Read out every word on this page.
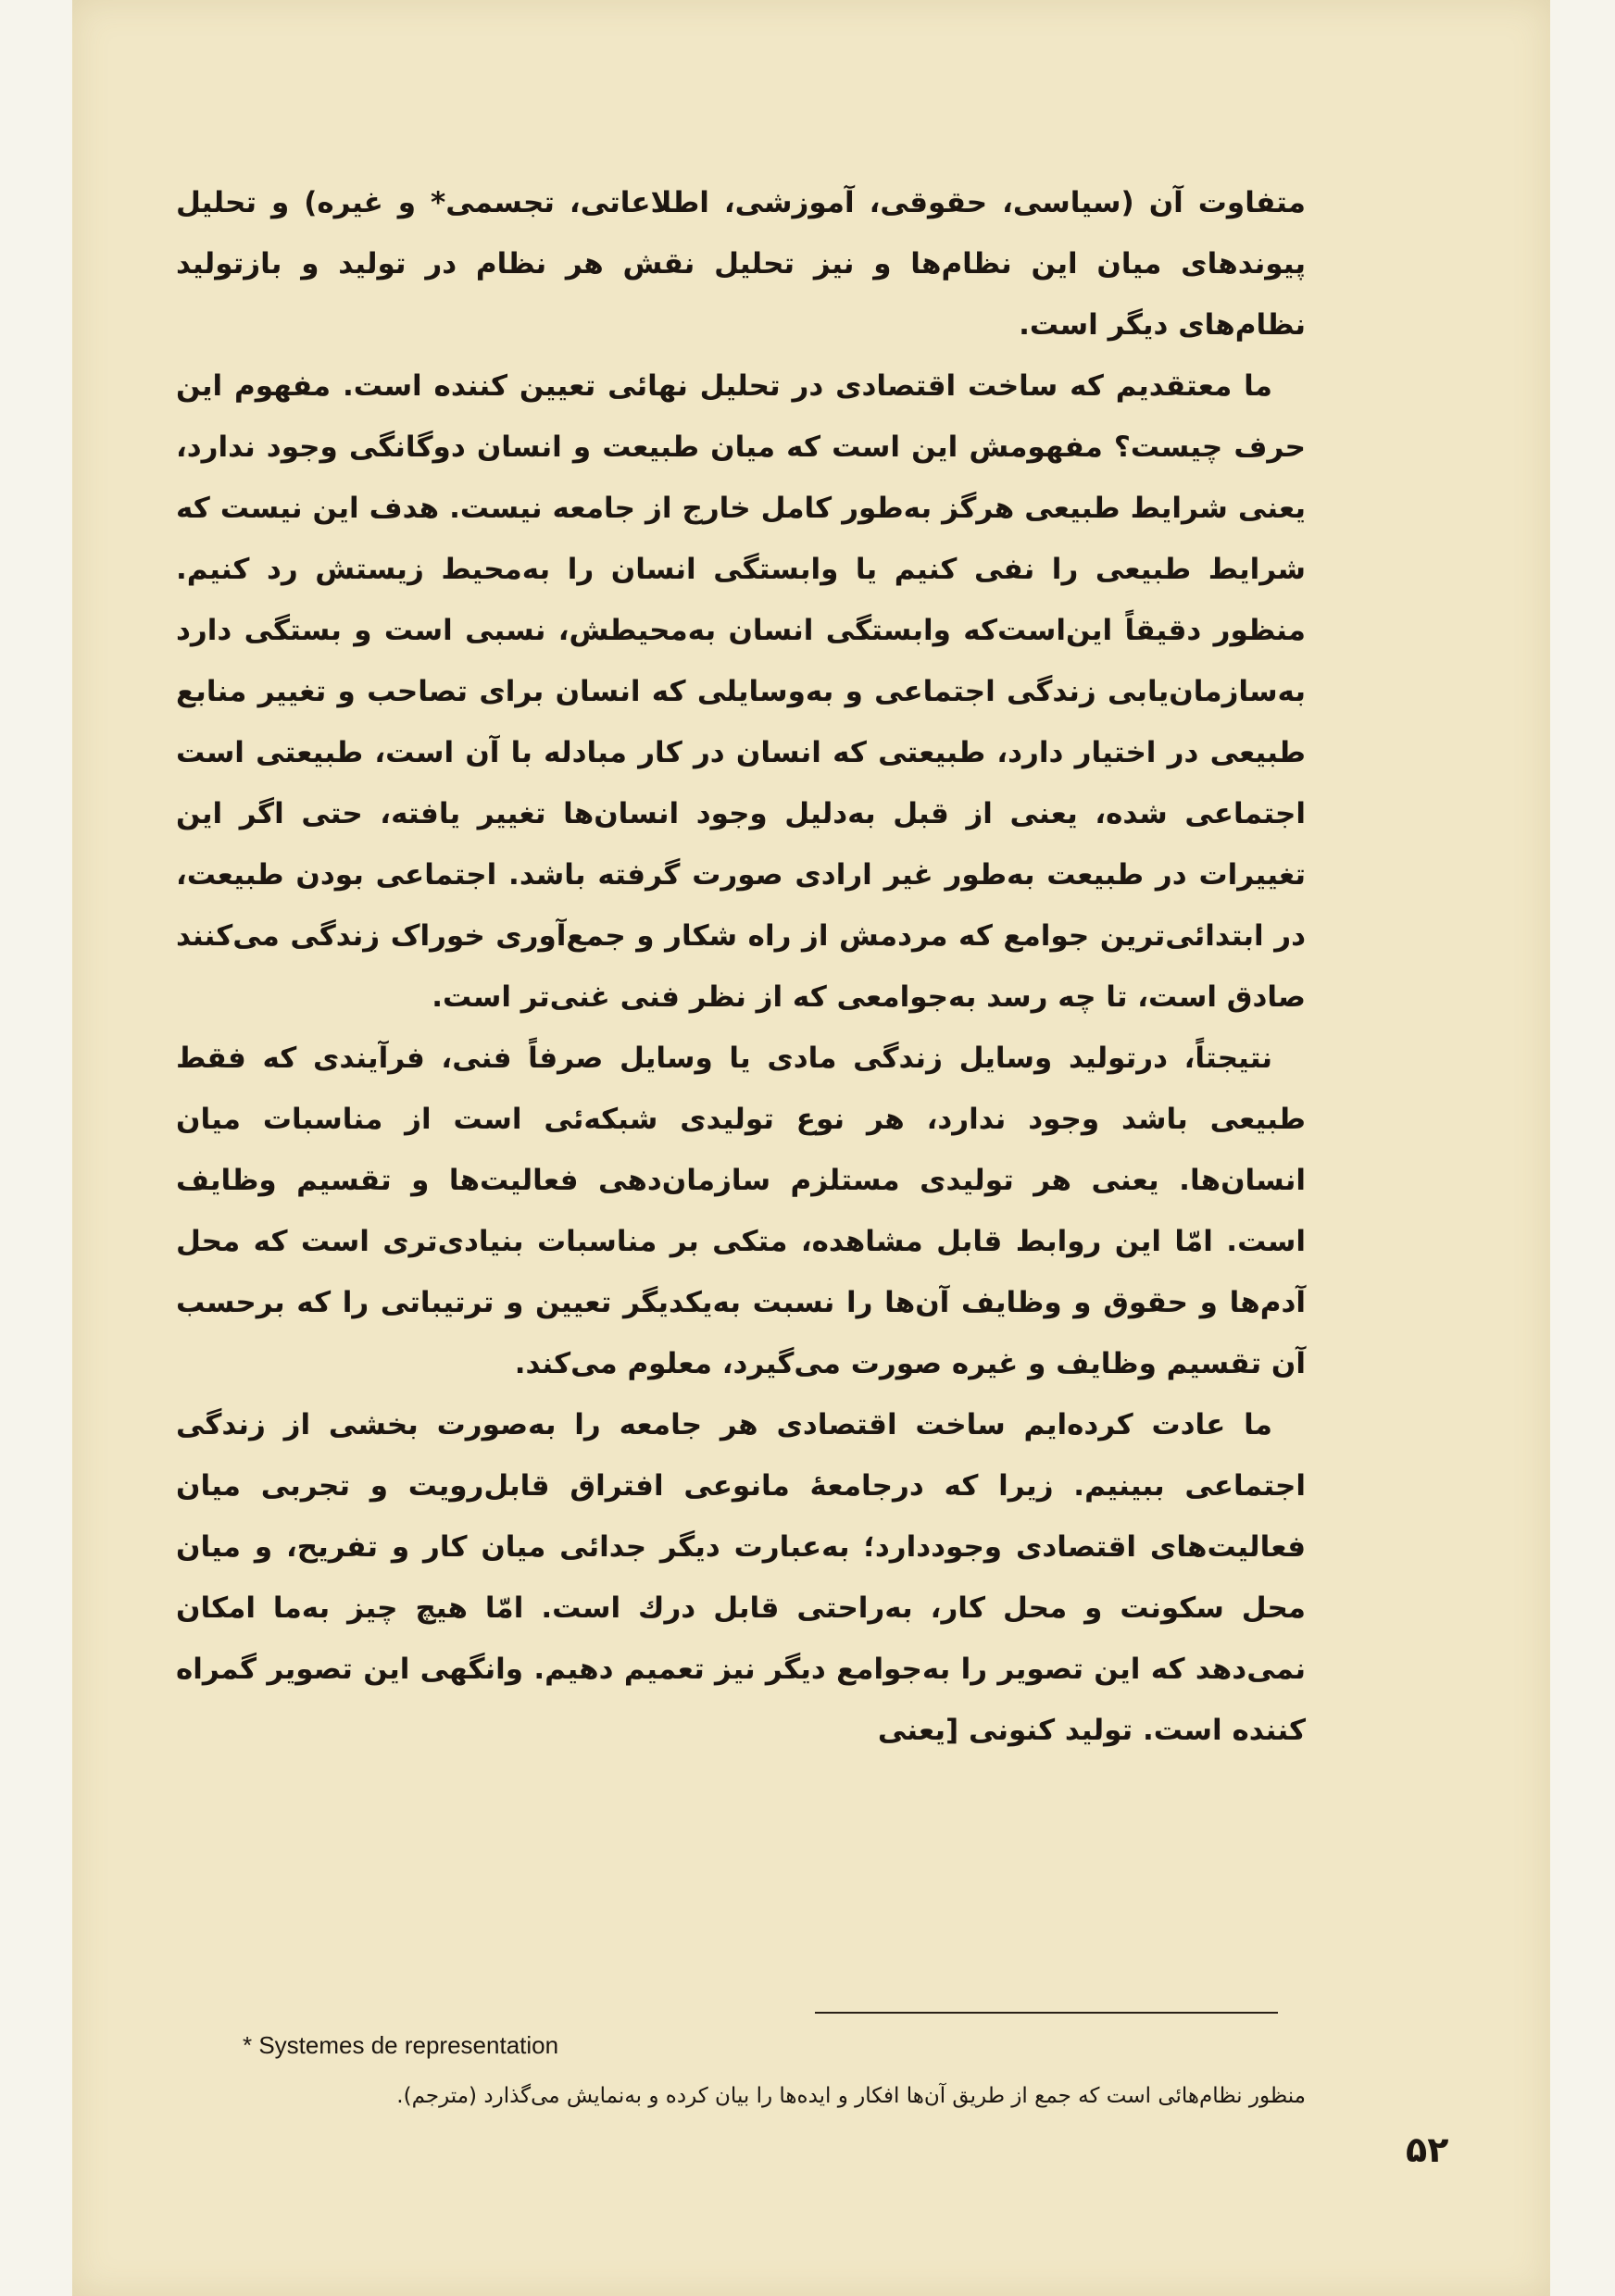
متفاوت آن (سیاسی، حقوقی، آموزشی، اطلاعاتی، تجسمی* و غیره) و تحلیل پیوندهای میان این نظام‌ها و نیز تحلیل نقش هر نظام در تولید و بازتولید نظام‌های دیگر است.

ما معتقدیم که ساخت اقتصادی در تحلیل نهائی تعیین کننده است. مفهوم این حرف چیست؟ مفهومش این است که میان طبیعت و انسان دوگانگی وجود ندارد، یعنی شرایط طبیعی هرگز به‌طور کامل خارج از جامعه نیست. هدف این نیست که شرایط طبیعی را نفی کنیم یا وابستگی انسان را به‌محیط زیستش رد کنیم. منظور دقیقاً این‌است‌که وابستگی انسان به‌محیطش، نسبی است و بستگی دارد به‌سازمان‌یابی زندگی اجتماعی و به‌وسایلی که انسان برای تصاحب و تغییر منابع طبیعی در اختیار دارد، طبیعتی که انسان در کار مبادله با آن است، طبیعتی است اجتماعی شده، یعنی از قبل به‌دلیل وجود انسان‌ها تغییر یافته، حتی اگر این تغییرات در طبیعت به‌طور غیر ارادی صورت گرفته باشد. اجتماعی بودن طبیعت، در ابتدائی‌ترین جوامع که مردمش از راه شکار و جمع‌آوری خوراک زندگی می‌کنند صادق است، تا چه رسد به‌جوامعی که از نظر فنی غنی‌تر است.

نتیجتاً، درتولید وسایل زندگی مادی یا وسایل صرفاً فنی، فرآیندی که فقط طبیعی باشد وجود ندارد، هر نوع تولیدی شبکه‌ئی است از مناسبات میان انسان‌ها. یعنی هر تولیدی مستلزم سازمان‌دهی فعالیت‌ها و تقسیم وظایف است. امّا این روابط قابل مشاهده، متکی بر مناسبات بنیادی‌تری است که محل آدم‌ها و حقوق و وظایف آن‌ها را نسبت به‌یکدیگر تعیین و ترتیباتی را که برحسب آن تقسیم وظایف و غیره صورت می‌گیرد، معلوم می‌کند.

ما عادت کرده‌ایم ساخت اقتصادی هر جامعه را به‌صورت بخشی از زندگی اجتماعی ببینیم. زیرا که درجامعهٔ مانوعی افتراق قابل‌رویت و تجربی میان فعالیت‌های اقتصادی وجوددارد؛ به‌عبارت دیگر جدائی میان کار و تفریح، و میان محل سکونت و محل کار، به‌راحتی قابل درك است. امّا هیچ چیز به‌ما امکان نمی‌دهد که این تصویر را به‌جوامع دیگر نیز تعمیم دهیم. وانگهی این تصویر گمراه کننده است. تولید کنونی [یعنی

* Systemes de representation

منظور نظام‌هائی است که جمع از طریق آن‌ها افکار و ایده‌ها را بیان کرده و به‌نمایش می‌گذارد (مترجم).

۵۲
